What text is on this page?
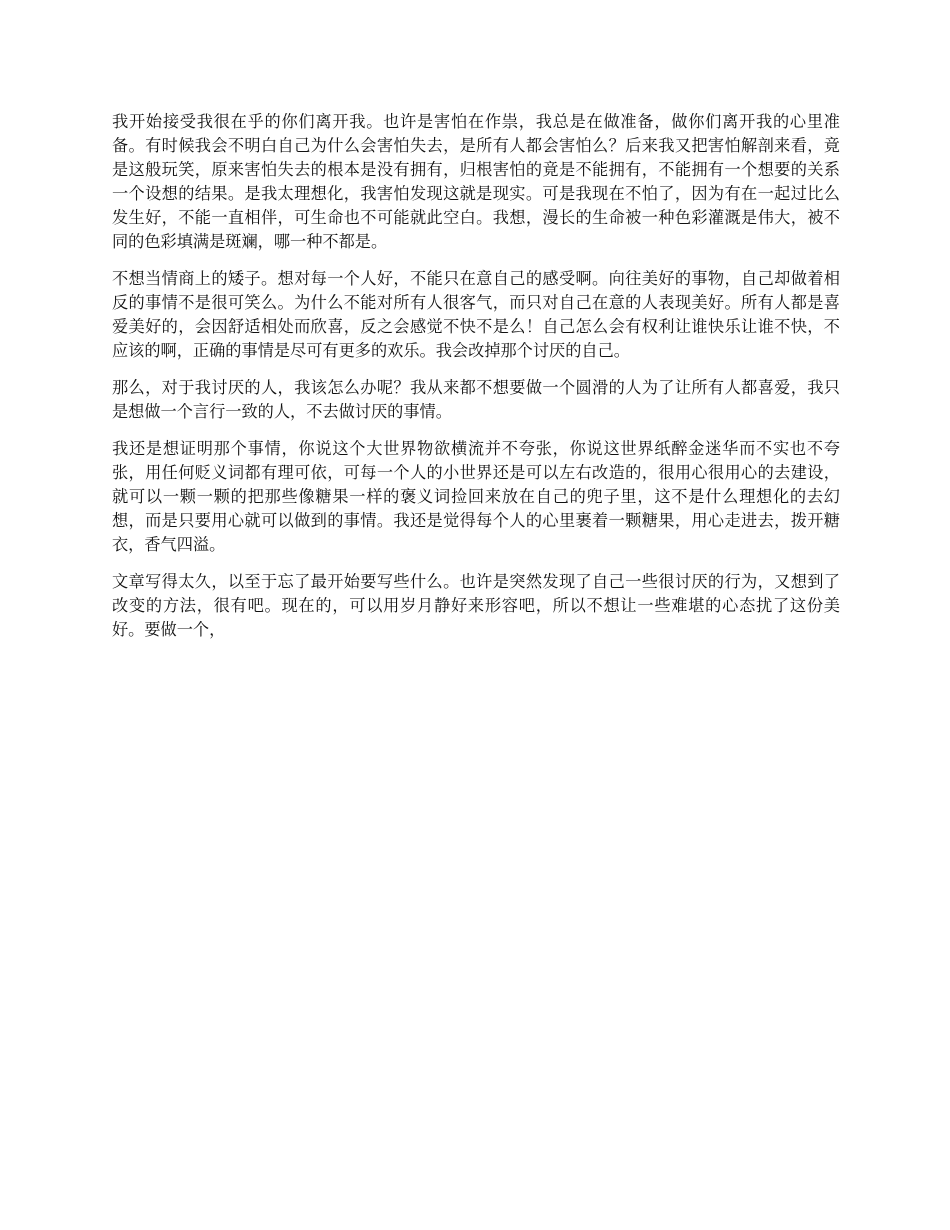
我开始接受我很在乎的你们离开我。也许是害怕在作祟，我总是在做准备，做你们离开我的心里准备。有时候我会不明白自己为什么会害怕失去，是所有人都会害怕么？后来我又把害怕解剖来看，竟是这般玩笑，原来害怕失去的根本是没有拥有，归根害怕的竟是不能拥有，不能拥有一个想要的关系一个设想的结果。是我太理想化，我害怕发现这就是现实。可是我现在不怕了，因为有在一起过比么发生好，不能一直相伴，可生命也不可能就此空白。我想，漫长的生命被一种色彩灌溉是伟大，被不同的色彩填满是斑斓，哪一种不都是。

不想当情商上的矮子。想对每一个人好，不能只在意自己的感受啊。向往美好的事物，自己却做着相反的事情不是很可笑么。为什么不能对所有人很客气，而只对自己在意的人表现美好。所有人都是喜爱美好的，会因舒适相处而欣喜，反之会感觉不快不是么！自己怎么会有权利让谁快乐让谁不快，不应该的啊，正确的事情是尽可有更多的欢乐。我会改掉那个讨厌的自己。

那么，对于我讨厌的人，我该怎么办呢？我从来都不想要做一个圆滑的人为了让所有人都喜爱，我只是想做一个言行一致的人，不去做讨厌的事情。

我还是想证明那个事情，你说这个大世界物欲横流并不夸张，你说这世界纸醉金迷华而不实也不夸张，用任何贬义词都有理可依，可每一个人的小世界还是可以左右改造的，很用心很用心的去建设，就可以一颗一颗的把那些像糖果一样的褒义词捡回来放在自己的兜子里，这不是什么理想化的去幻想，而是只要用心就可以做到的事情。我还是觉得每个人的心里裹着一颗糖果，用心走进去，拨开糖衣，香气四溢。

文章写得太久，以至于忘了最开始要写些什么。也许是突然发现了自己一些很讨厌的行为，又想到了改变的方法，很有吧。现在的，可以用岁月静好来形容吧，所以不想让一些难堪的心态扰了这份美好。要做一个，
